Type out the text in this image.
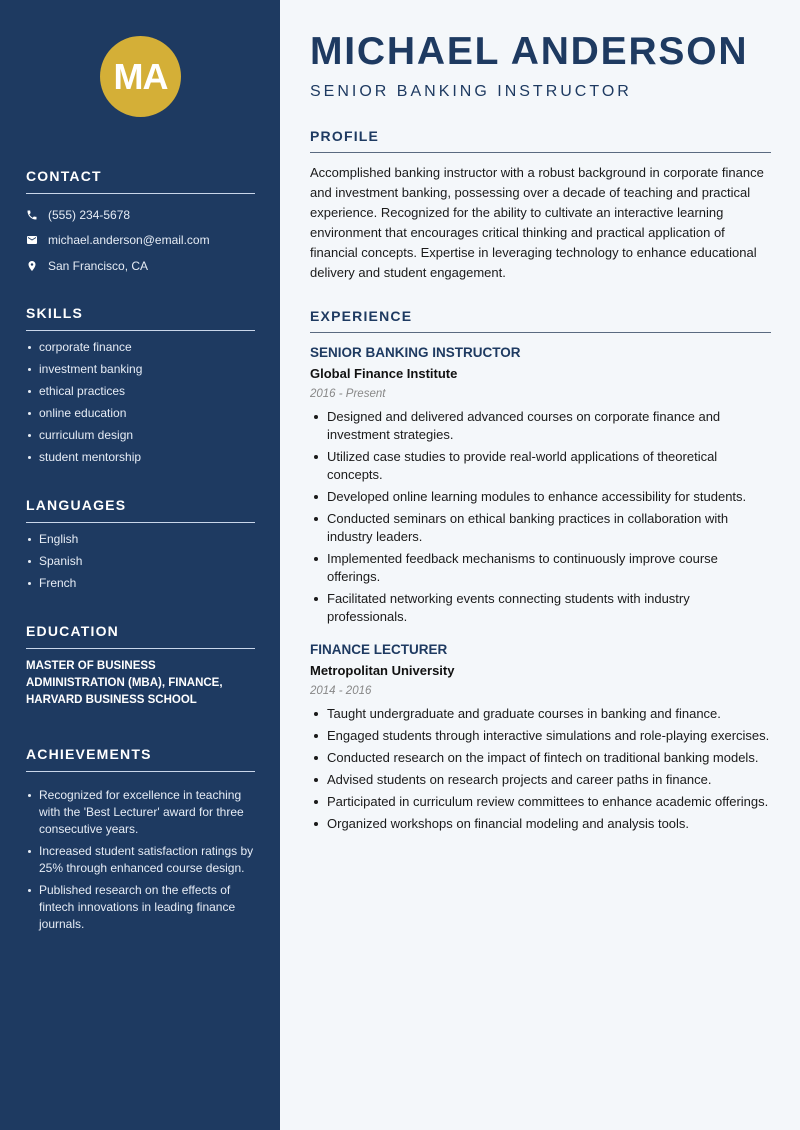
MA
CONTACT
(555) 234-5678
michael.anderson@email.com
San Francisco, CA
SKILLS
corporate finance
investment banking
ethical practices
online education
curriculum design
student mentorship
LANGUAGES
English
Spanish
French
EDUCATION
MASTER OF BUSINESS ADMINISTRATION (MBA), FINANCE, HARVARD BUSINESS SCHOOL
ACHIEVEMENTS
Recognized for excellence in teaching with the 'Best Lecturer' award for three consecutive years.
Increased student satisfaction ratings by 25% through enhanced course design.
Published research on the effects of fintech innovations in leading finance journals.
MICHAEL ANDERSON
SENIOR BANKING INSTRUCTOR
PROFILE
Accomplished banking instructor with a robust background in corporate finance and investment banking, possessing over a decade of teaching and practical experience. Recognized for the ability to cultivate an interactive learning environment that encourages critical thinking and practical application of financial concepts. Expertise in leveraging technology to enhance educational delivery and student engagement.
EXPERIENCE
SENIOR BANKING INSTRUCTOR
Global Finance Institute
2016 - Present
Designed and delivered advanced courses on corporate finance and investment strategies.
Utilized case studies to provide real-world applications of theoretical concepts.
Developed online learning modules to enhance accessibility for students.
Conducted seminars on ethical banking practices in collaboration with industry leaders.
Implemented feedback mechanisms to continuously improve course offerings.
Facilitated networking events connecting students with industry professionals.
FINANCE LECTURER
Metropolitan University
2014 - 2016
Taught undergraduate and graduate courses in banking and finance.
Engaged students through interactive simulations and role-playing exercises.
Conducted research on the impact of fintech on traditional banking models.
Advised students on research projects and career paths in finance.
Participated in curriculum review committees to enhance academic offerings.
Organized workshops on financial modeling and analysis tools.
